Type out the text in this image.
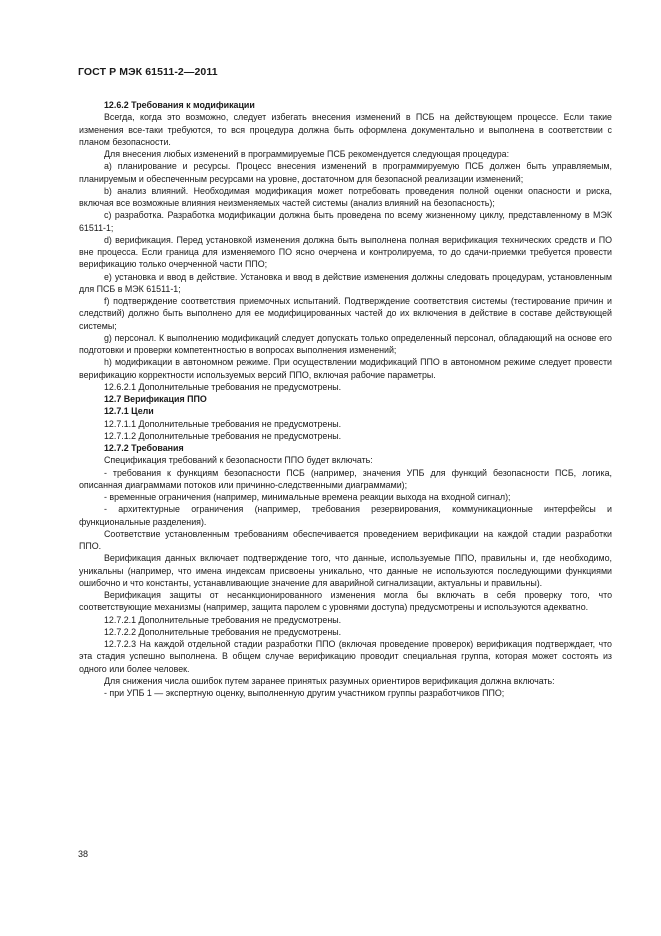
ГОСТ Р МЭК 61511-2—2011

12.6.2 Требования к модификации

Всегда, когда это возможно, следует избегать внесения изменений в ПСБ на действующем процессе. Если такие изменения все-таки требуются, то вся процедура должна быть оформлена документально и выполнена в соответствии с планом безопасности.

Для внесения любых изменений в программируемые ПСБ рекомендуется следующая процедура:

a) планирование и ресурсы. Процесс внесения изменений в программируемую ПСБ должен быть управляемым, планируемым и обеспеченным ресурсами на уровне, достаточном для безопасной реализации изменений;

b) анализ влияний. Необходимая модификация может потребовать проведения полной оценки опасности и риска, включая все возможные влияния неизменяемых частей системы (анализ влияний на безопасность);

c) разработка. Разработка модификации должна быть проведена по всему жизненному циклу, представленному в МЭК 61511-1;

d) верификация. Перед установкой изменения должна быть выполнена полная верификация технических средств и ПО вне процесса. Если граница для изменяемого ПО ясно очерчена и контролируема, то до сдачи-приемки требуется провести верификацию только очерченной части ППО;

e) установка и ввод в действие. Установка и ввод в действие изменения должны следовать процедурам, установленным для ПСБ в МЭК 61511-1;

f) подтверждение соответствия приемочных испытаний. Подтверждение соответствия системы (тестирование причин и следствий) должно быть выполнено для ее модифицированных частей до их включения в действие в составе действующей системы;

g) персонал. К выполнению модификаций следует допускать только определенный персонал, обладающий на основе его подготовки и проверки компетентностью в вопросах выполнения изменений;

h) модификации в автономном режиме. При осуществлении модификаций ППО в автономном режиме следует провести верификацию корректности используемых версий ППО, включая рабочие параметры.

12.6.2.1 Дополнительные требования не предусмотрены.

12.7 Верификация ППО

12.7.1 Цели

12.7.1.1 Дополнительные требования не предусмотрены.

12.7.1.2 Дополнительные требования не предусмотрены.

12.7.2 Требования

Спецификация требований к безопасности ППО будет включать:

- требования к функциям безопасности ПСБ (например, значения УПБ для функций безопасности ПСБ, логика, описанная диаграммами потоков или причинно-следственными диаграммами);

- временные ограничения (например, минимальные времена реакции выхода на входной сигнал);

- архитектурные ограничения (например, требования резервирования, коммуникационные интерфейсы и функциональные разделения).

Соответствие установленным требованиям обеспечивается проведением верификации на каждой стадии разработки ППО.

Верификация данных включает подтверждение того, что данные, используемые ППО, правильны и, где необходимо, уникальны (например, что имена индексам присвоены уникально, что данные не используются последующими функциями ошибочно и что константы, устанавливающие значение для аварийной сигнализации, актуальны и правильны).

Верификация защиты от несанкционированного изменения могла бы включать в себя проверку того, что соответствующие механизмы (например, защита паролем с уровнями доступа) предусмотрены и используются адекватно.

12.7.2.1 Дополнительные требования не предусмотрены.

12.7.2.2 Дополнительные требования не предусмотрены.

12.7.2.3 На каждой отдельной стадии разработки ППО (включая проведение проверок) верификация подтверждает, что эта стадия успешно выполнена. В общем случае верификацию проводит специальная группа, которая может состоять из одного или более человек.

Для снижения числа ошибок путем заранее принятых разумных ориентиров верификация должна включать:

- при УПБ 1 — экспертную оценку, выполненную другим участником группы разработчиков ППО;

38
